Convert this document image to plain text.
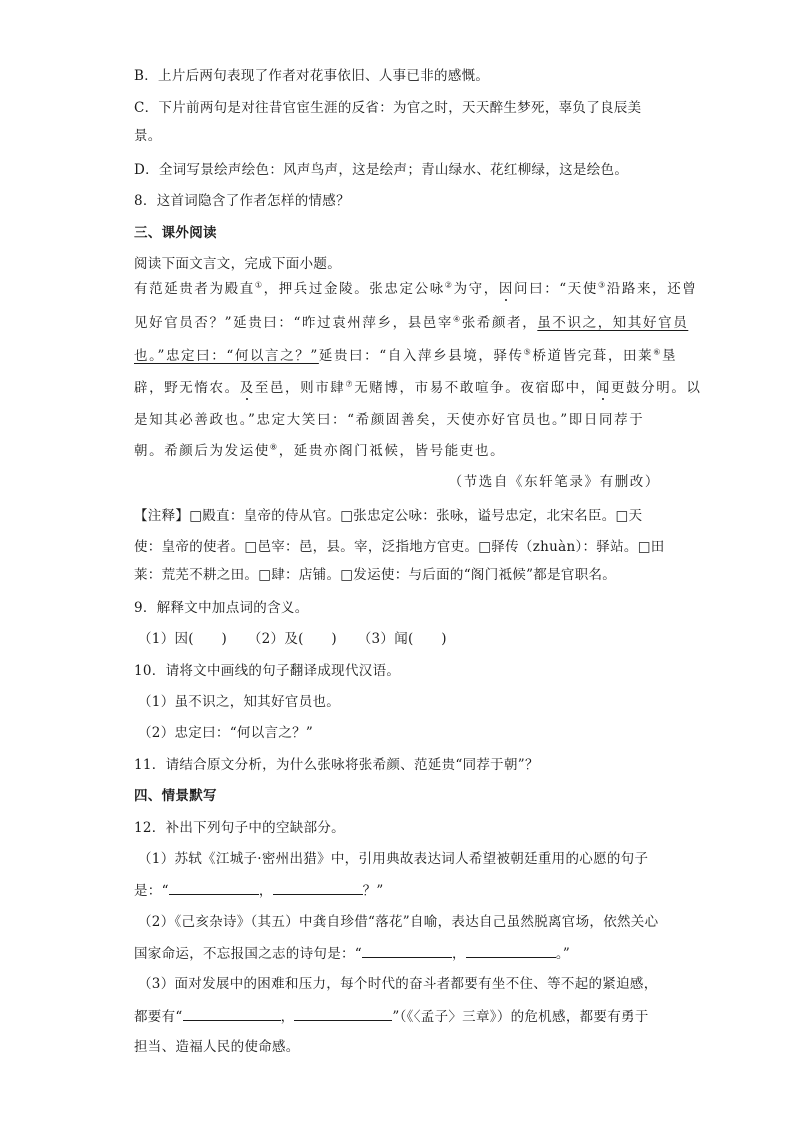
B．上片后两句表现了作者对花事依旧、人事已非的感慨。
C．下片前两句是对往昔官宦生涯的反省：为官之时，天天醉生梦死，辜负了良辰美
景。
D．全词写景绘声绘色：风声鸟声，这是绘声；青山绿水、花红柳绿，这是绘色。
8．这首词隐含了作者怎样的情感？
三、课外阅读
阅读下面文言文，完成下面小题。
有范延贵者为殿直①，押兵过金陵。张忠定公咏②为守，因问曰：“天使③沿路来，还曾
见好官员否？”延贵曰：“昨过袁州萍乡，县邑宰④张希颜者，虽不识之，知其好官员
也。”忠定曰：“何以言之？”延贵曰：“自入萍乡县境，驿传⑤桥道皆完葺，田莱⑥垦
辟，野无惰农。及至邑，则市肆⑦无赌博，市易不敢喧争。夜宿邸中，闻更鼓分明。以
是知其必善政也。”忠定大笑曰：“希颜固善矣，天使亦好官员也。”即日同荐于
朝。希颜后为发运使⑧，延贵亦阁门祗候，皆号能吏也。
（节选自《东轩笔录》有删改）
【注释】□殿直：皇帝的侍从官。□张忠定公咏：张咏，谥号忠定，北宋名臣。□天
使：皇帝的使者。□邑宰：邑，县。宰，泛指地方官吏。□驿传（zhuàn）：驿站。□田
莱：荒芜不耕之田。□肆：店铺。□发运使：与后面的“阁门祗候”都是官职名。
9．解释文中加点词的含义。
（1）因(　　)　　（2）及(　　)　　（3）闻(　　)
10．请将文中画线的句子翻译成现代汉语。
（1）虽不识之，知其好官员也。
（2）忠定曰：“何以言之？”
11．请结合原文分析，为什么张咏将张希颜、范延贵“同荐于朝”？
四、情景默写
12．补出下列句子中的空缺部分。
（1）苏轼《江城子·密州出猎》中，引用典故表达词人希望被朝廷重用的心愿的句子
是：“	，	？”
（2）《己亥杂诗》（其五）中龚自珍借“落花”自喻，表达自己虽然脱离官场，依然关心
国家命运，不忘报国之志的诗句是：“	，	。”
（3）面对发展中的困难和压力，每个时代的奋斗者都要有坐不住、等不起的紧迫感，
都要有“	，	”（《〈孟子〉三章》）的危机感，都要有勇于
担当、造福人民的使命感。
